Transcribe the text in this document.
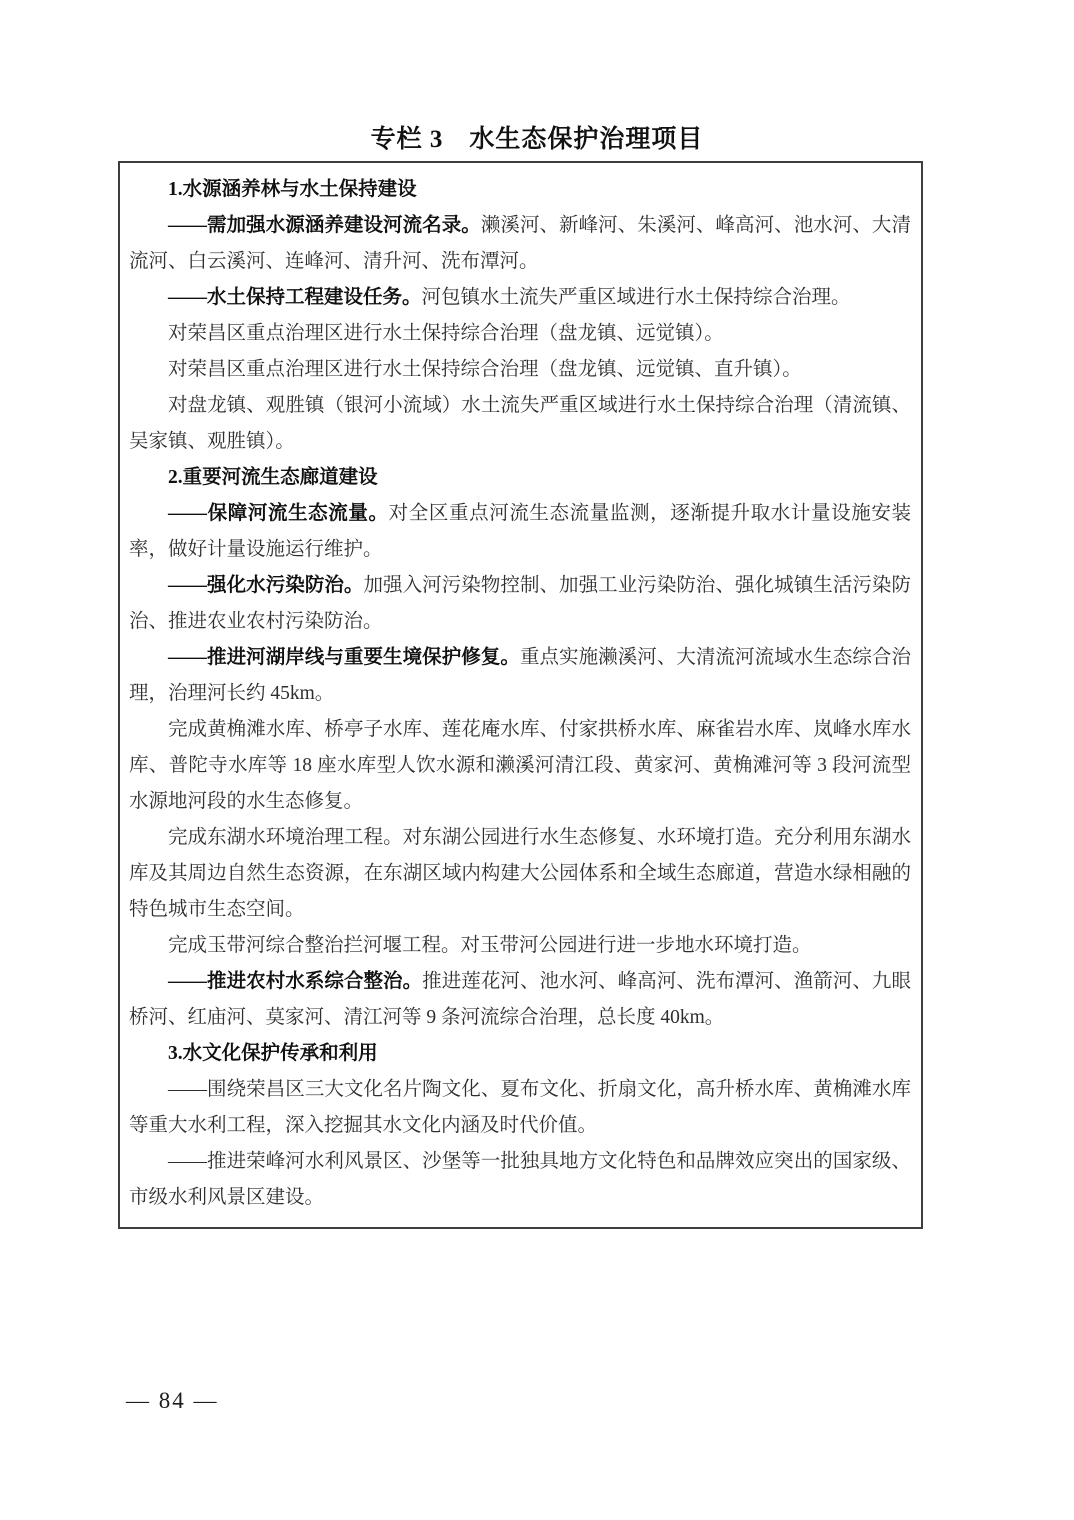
专栏 3　水生态保护治理项目

1.水源涵养林与水土保持建设

——需加强水源涵养建设河流名录。濑溪河、新峰河、朱溪河、峰高河、池水河、大清流河、白云溪河、连峰河、清升河、洗布潭河。

——水土保持工程建设任务。河包镇水土流失严重区域进行水土保持综合治理。

对荣昌区重点治理区进行水土保持综合治理（盘龙镇、远觉镇）。

对荣昌区重点治理区进行水土保持综合治理（盘龙镇、远觉镇、直升镇）。

对盘龙镇、观胜镇（银河小流域）水土流失严重区域进行水土保持综合治理（清流镇、吴家镇、观胜镇）。

2.重要河流生态廊道建设

——保障河流生态流量。对全区重点河流生态流量监测，逐渐提升取水计量设施安装率，做好计量设施运行维护。

——强化水污染防治。加强入河污染物控制、加强工业污染防治、强化城镇生活污染防治、推进农业农村污染防治。

——推进河湖岸线与重要生境保护修复。重点实施濑溪河、大清流河流域水生态综合治理，治理河长约 45km。

完成黄桷滩水库、桥亭子水库、莲花庵水库、付家拱桥水库、麻雀岩水库、岚峰水库水库、普陀寺水库等 18 座水库型人饮水源和濑溪河清江段、黄家河、黄桷滩河等 3 段河流型水源地河段的水生态修复。

完成东湖水环境治理工程。对东湖公园进行水生态修复、水环境打造。充分利用东湖水库及其周边自然生态资源，在东湖区域内构建大公园体系和全域生态廊道，营造水绿相融的特色城市生态空间。

完成玉带河综合整治拦河堰工程。对玉带河公园进行进一步地水环境打造。

——推进农村水系综合整治。推进莲花河、池水河、峰高河、洗布潭河、渔箭河、九眼桥河、红庙河、莫家河、清江河等 9 条河流综合治理，总长度 40km。

3.水文化保护传承和利用

——围绕荣昌区三大文化名片陶文化、夏布文化、折扇文化，高升桥水库、黄桷滩水库等重大水利工程，深入挖掘其水文化内涵及时代价值。

——推进荣峰河水利风景区、沙堡等一批独具地方文化特色和品牌效应突出的国家级、市级水利风景区建设。

— 84 —
